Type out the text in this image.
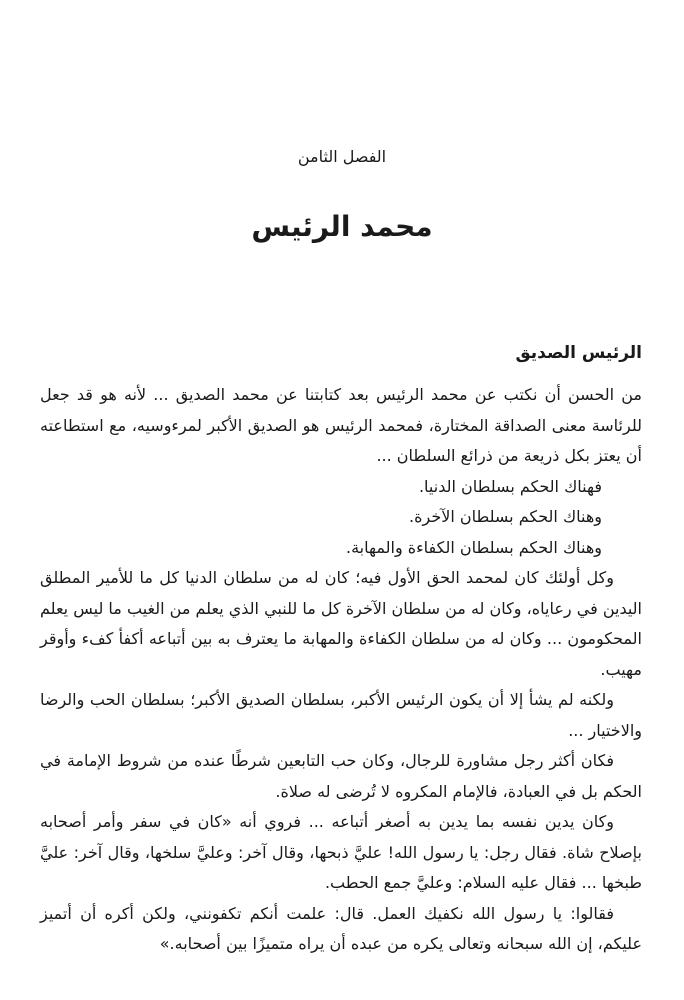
الفصل الثامن
محمد الرئيس
الرئيس الصديق

من الحسن أن نكتب عن محمد الرئيس بعد كتابتنا عن محمد الصديق ... لأنه هو قد جعل للرئاسة معنى الصداقة المختارة، فمحمد الرئيس هو الصديق الأكبر لمرءوسيه، مع استطاعته أن يعتز بكل ذريعة من ذرائع السلطان ...

فهناك الحكم بسلطان الدنيا.

وهناك الحكم بسلطان الآخرة.

وهناك الحكم بسلطان الكفاءة والمهابة.

وكل أولئك كان لمحمد الحق الأول فيه؛ كان له من سلطان الدنيا كل ما للأمير المطلق اليدين في رعاياه، وكان له من سلطان الآخرة كل ما للنبي الذي يعلم من الغيب ما ليس يعلم المحكومون ... وكان له من سلطان الكفاءة والمهابة ما يعترف به بين أتباعه أكفأ كفء وأوقر مهيب.

ولكنه لم يشأ إلا أن يكون الرئيس الأكبر، بسلطان الصديق الأكبر؛ بسلطان الحب والرضا والاختيار ...

فكان أكثر رجل مشاورة للرجال، وكان حب التابعين شرطًا عنده من شروط الإمامة في الحكم بل في العبادة، فالإمام المكروه لا تُرضى له صلاة.

وكان يدين نفسه بما يدين به أصغر أتباعه ... فروي أنه «كان في سفر وأمر أصحابه بإصلاح شاة. فقال رجل: يا رسول الله! عليَّ ذبحها، وقال آخر: وعليَّ سلخها، وقال آخر: عليَّ طبخها ... فقال عليه السلام: وعليَّ جمع الحطب.

فقالوا: يا رسول الله نكفيك العمل. قال: علمت أنكم تكفونني، ولكن أكره أن أتميز عليكم، إن الله سبحانه وتعالى يكره من عبده أن يراه متميزًا بين أصحابه.»
